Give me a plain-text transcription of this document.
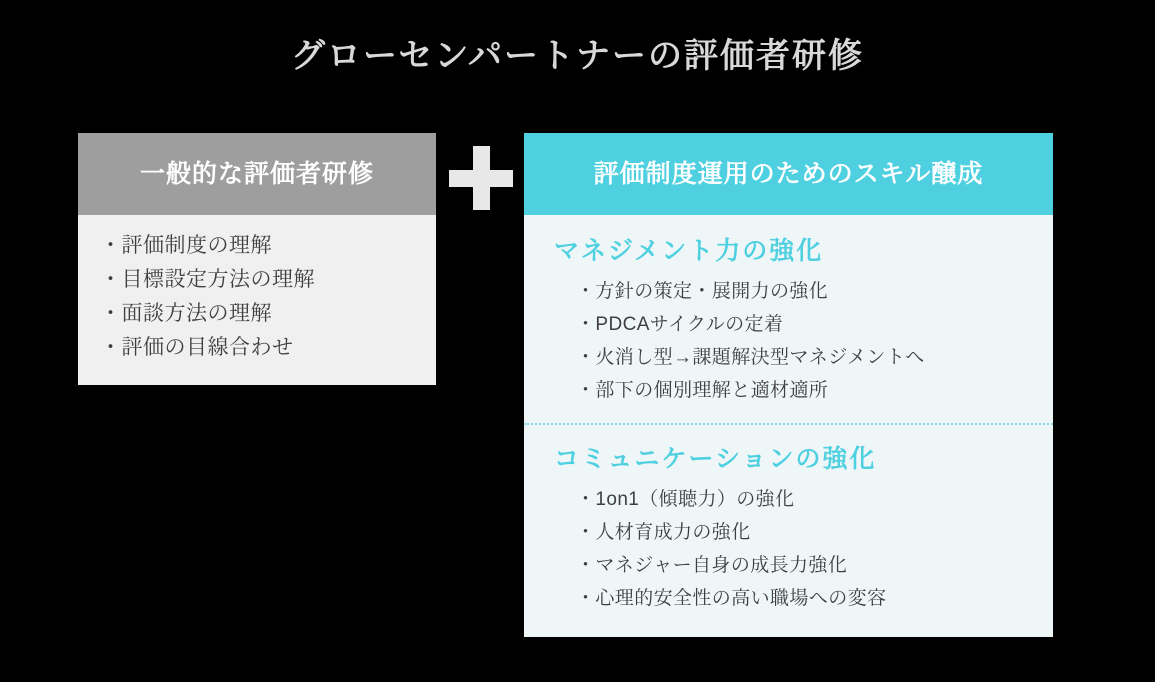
グローセンパートナーの評価者研修
一般的な評価者研修
・評価制度の理解
・目標設定方法の理解
・面談方法の理解
・評価の目線合わせ
評価制度運用のためのスキル醸成
マネジメント力の強化
・方針の策定・展開力の強化
・PDCAサイクルの定着
・火消し型→課題解決型マネジメントへ
・部下の個別理解と適材適所
コミュニケーションの強化
・1on1（傾聴力）の強化
・人材育成力の強化
・マネジャー自身の成長力強化
・心理的安全性の高い職場への変容
